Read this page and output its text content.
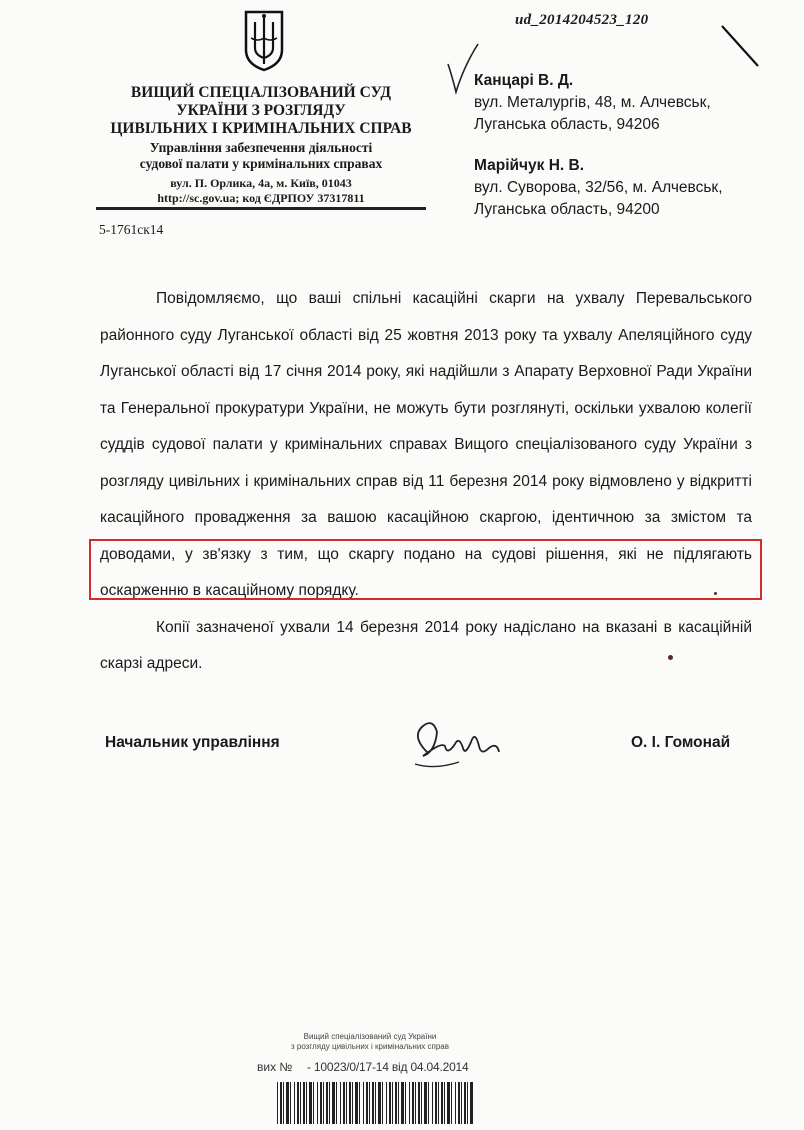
ud_2014204523_120
ВИЩИЙ СПЕЦІАЛІЗОВАНИЙ СУД
УКРАЇНИ З РОЗГЛЯДУ
ЦИВІЛЬНИХ І КРИМІНАЛЬНИХ СПРАВ
Управління забезпечення діяльності
судової палати у кримінальних справах
вул. П. Орлика, 4а, м. Київ, 01043
http://sc.gov.ua; код ЄДРПОУ 37317811
5-1761ск14
Канцарі В. Д.
вул. Металургів, 48, м. Алчевськ,
Луганська область, 94206
Марійчук Н. В.
вул. Суворова, 32/56, м. Алчевськ,
Луганська область, 94200

Повідомляємо, що ваші спільні касаційні скарги на ухвалу Перевальського районного суду Луганської області від 25 жовтня 2013 року та ухвалу Апеляційного суду Луганської області від 17 січня 2014 року, які надійшли з Апарату Верховної Ради України та Генеральної прокуратури України, не можуть бути розглянуті, оскільки ухвалою колегії суддів судової палати у кримінальних справах Вищого спеціалізованого суду України з розгляду цивільних і кримінальних справ від 11 березня 2014 року відмовлено у відкритті касаційного провадження за вашою касаційною скаргою, ідентичною за змістом та доводами, у зв'язку з тим, що скаргу подано на судові рішення, які не підлягають оскарженню в касаційному порядку.

Копії зазначеної ухвали 14 березня 2014 року надіслано на вказані в касаційній скарзі адреси.

Начальник управління	О. І. Гомонай
Вищий спеціалізований суд України
з розгляду цивільних і кримінальних справ
вих № - 10023/0/17-14 від 04.04.2014
